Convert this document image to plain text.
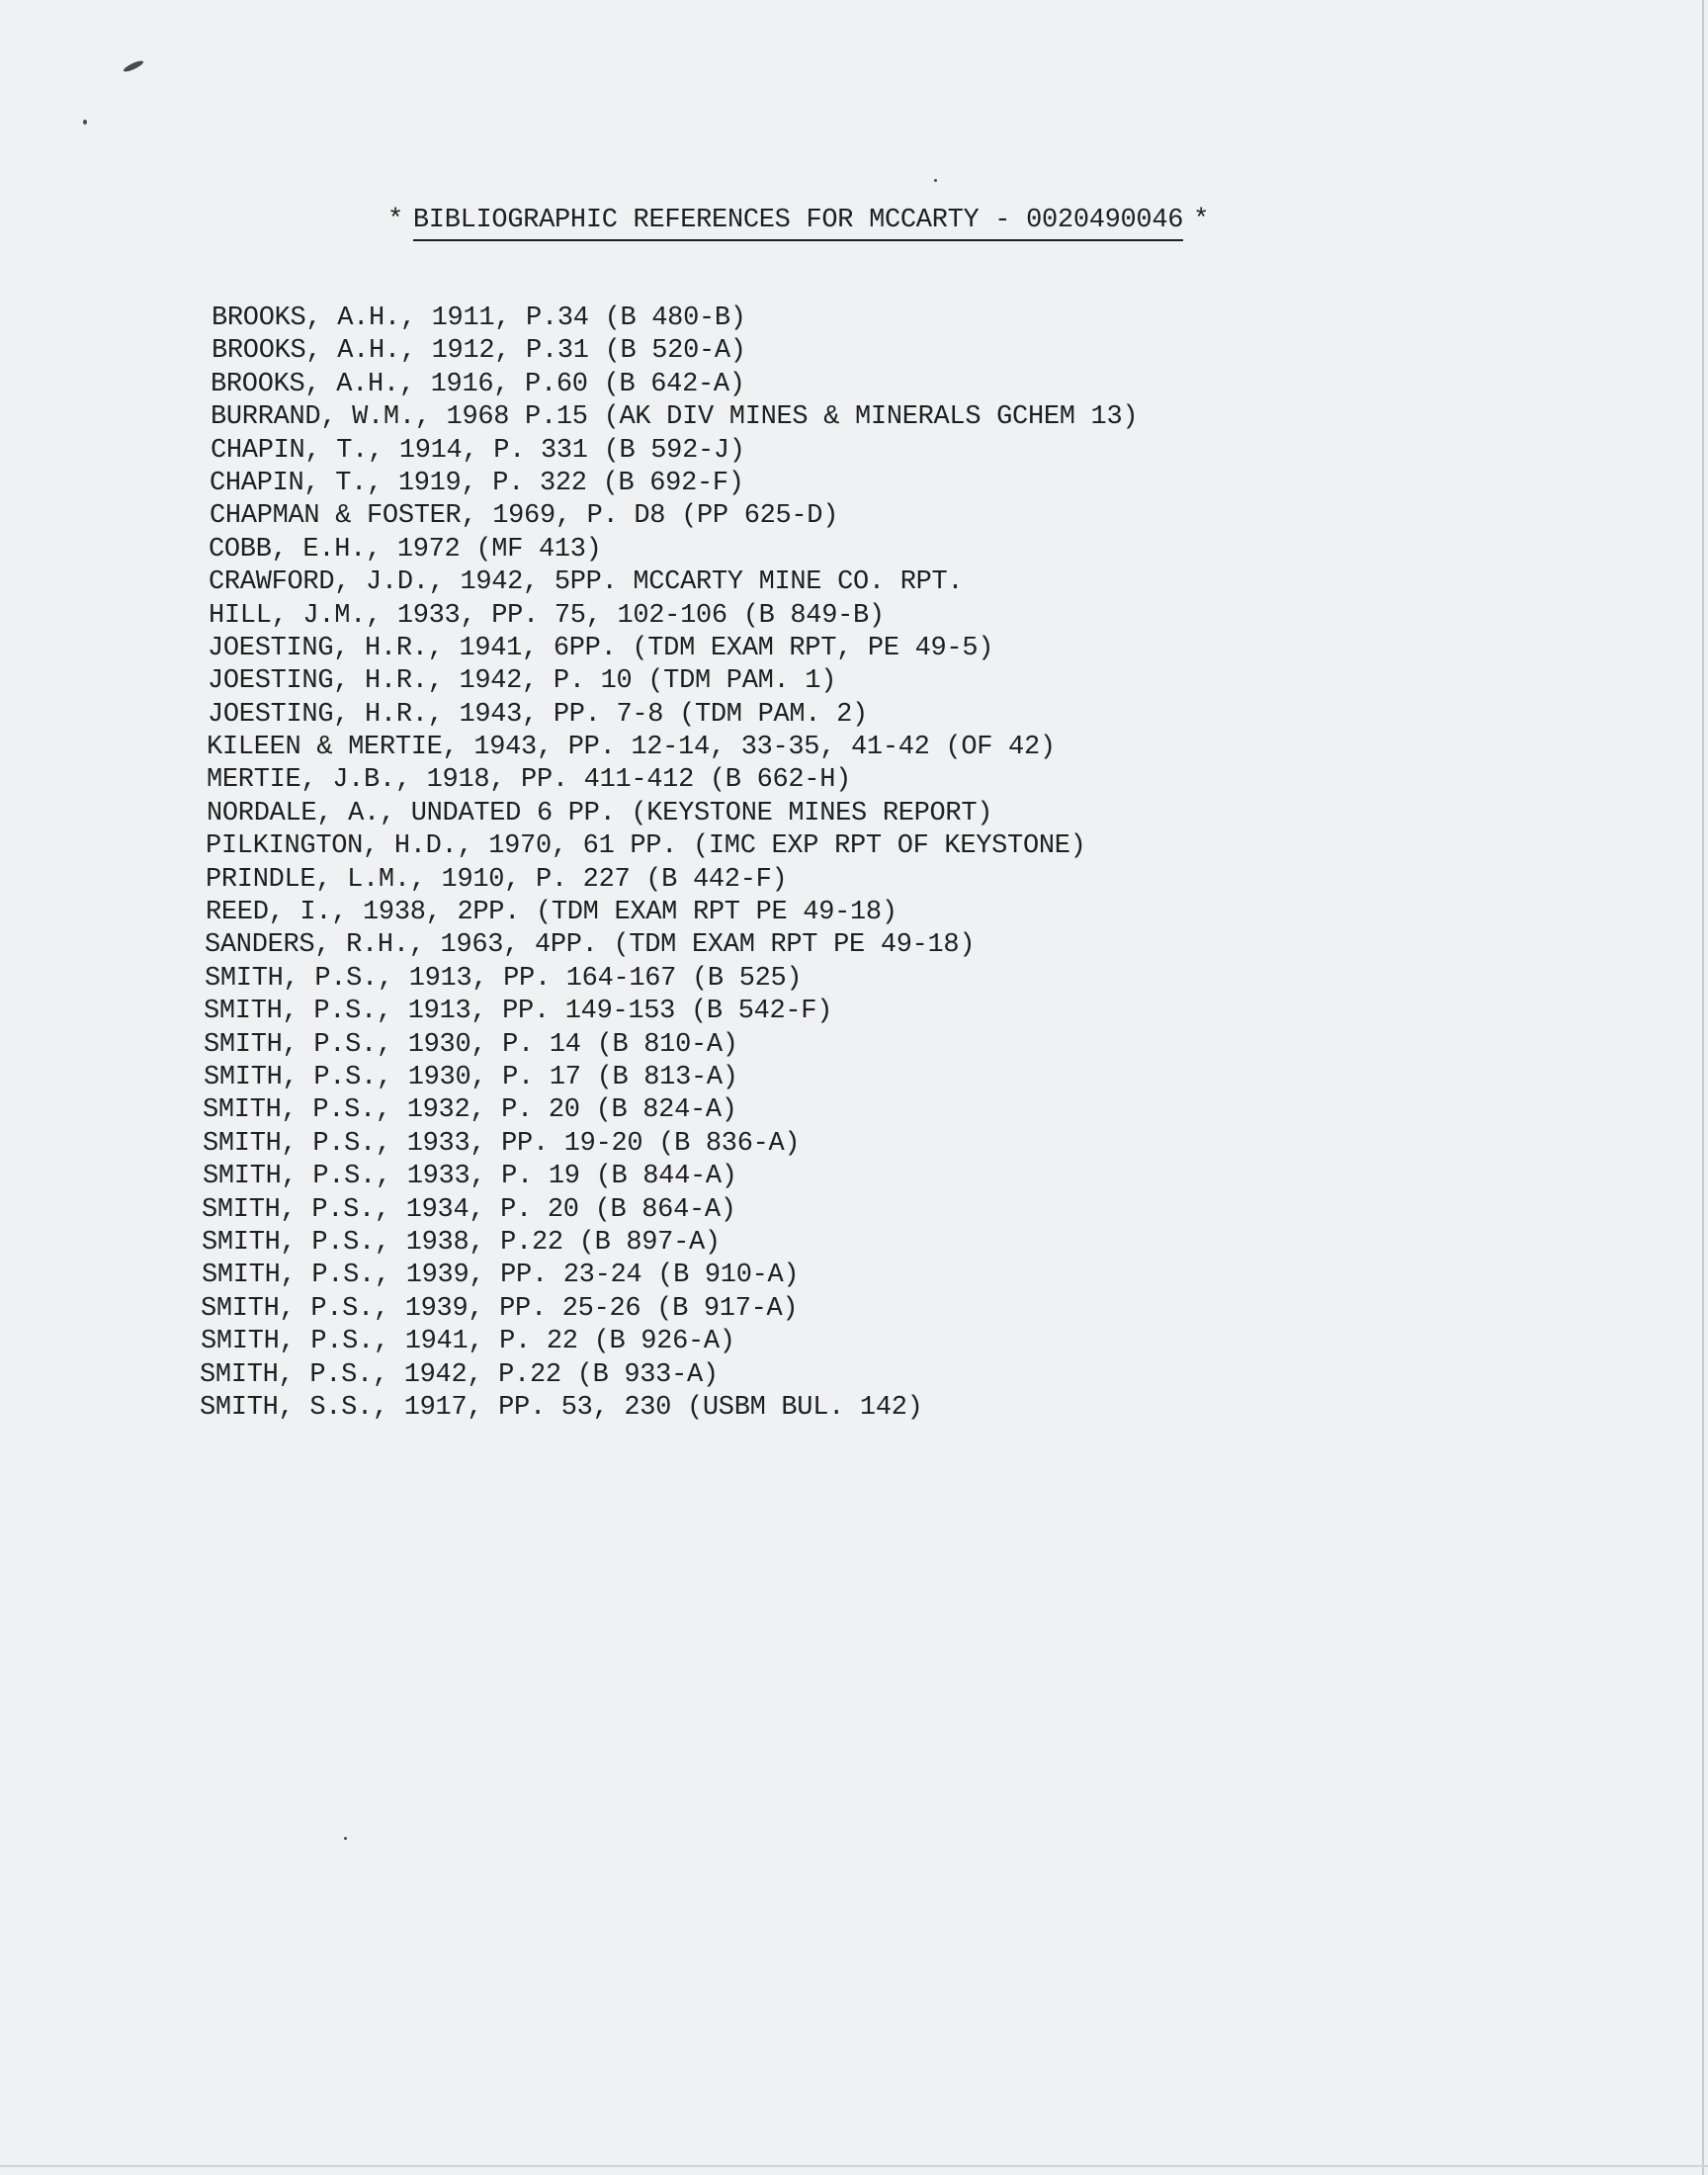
* BIBLIOGRAPHIC REFERENCES FOR MCCARTY - 0020490046 *
BROOKS, A.H., 1911, P.34 (B 480-B)
BROOKS, A.H., 1912, P.31 (B 520-A)
BROOKS, A.H., 1916, P.60 (B 642-A)
BURRAND, W.M., 1968 P.15 (AK DIV MINES & MINERALS GCHEM 13)
CHAPIN, T., 1914, P. 331 (B 592-J)
CHAPIN, T., 1919, P. 322 (B 692-F)
CHAPMAN & FOSTER, 1969, P. D8 (PP 625-D)
COBB, E.H., 1972 (MF 413)
CRAWFORD, J.D., 1942, 5PP. MCCARTY MINE CO. RPT.
HILL, J.M., 1933, PP. 75, 102-106 (B 849-B)
JOESTING, H.R., 1941, 6PP. (TDM EXAM RPT, PE 49-5)
JOESTING, H.R., 1942, P. 10 (TDM PAM. 1)
JOESTING, H.R., 1943, PP. 7-8 (TDM PAM. 2)
KILEEN & MERTIE, 1943, PP. 12-14, 33-35, 41-42 (OF 42)
MERTIE, J.B., 1918, PP. 411-412 (B 662-H)
NORDALE, A., UNDATED 6 PP. (KEYSTONE MINES REPORT)
PILKINGTON, H.D., 1970, 61 PP. (IMC EXP RPT OF KEYSTONE)
PRINDLE, L.M., 1910, P. 227 (B 442-F)
REED, I., 1938, 2PP. (TDM EXAM RPT PE 49-18)
SANDERS, R.H., 1963, 4PP. (TDM EXAM RPT PE 49-18)
SMITH, P.S., 1913, PP. 164-167 (B 525)
SMITH, P.S., 1913, PP. 149-153 (B 542-F)
SMITH, P.S., 1930, P. 14 (B 810-A)
SMITH, P.S., 1930, P. 17 (B 813-A)
SMITH, P.S., 1932, P. 20 (B 824-A)
SMITH, P.S., 1933, PP. 19-20 (B 836-A)
SMITH, P.S., 1933, P. 19 (B 844-A)
SMITH, P.S., 1934, P. 20 (B 864-A)
SMITH, P.S., 1938, P.22 (B 897-A)
SMITH, P.S., 1939, PP. 23-24 (B 910-A)
SMITH, P.S., 1939, PP. 25-26 (B 917-A)
SMITH, P.S., 1941, P. 22 (B 926-A)
SMITH, P.S., 1942, P.22 (B 933-A)
SMITH, S.S., 1917, PP. 53, 230 (USBM BUL. 142)
